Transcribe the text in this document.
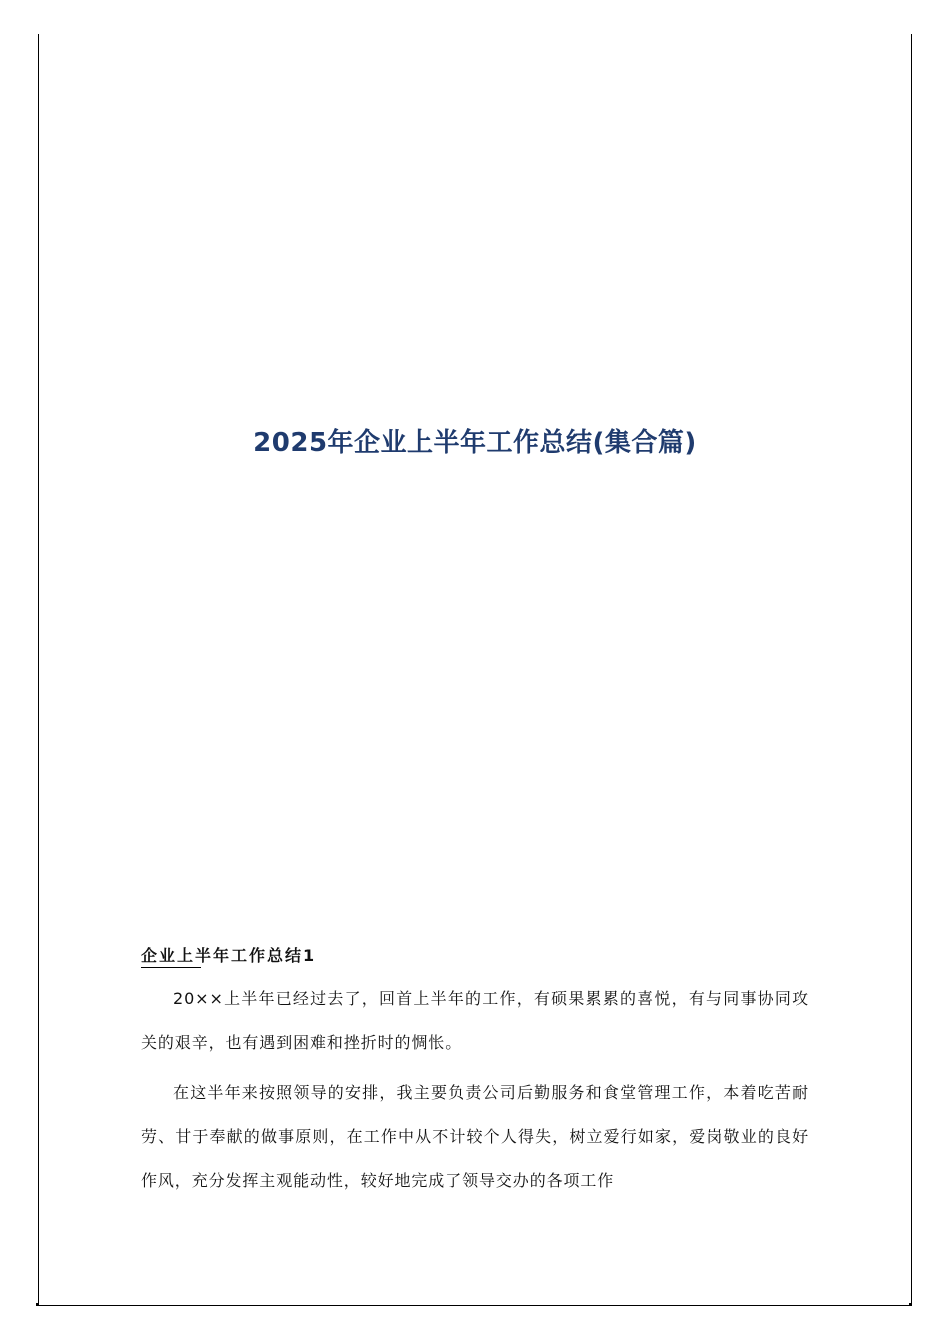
2025年企业上半年工作总结(集合篇)
企业上半年工作总结1

20××上半年已经过去了，回首上半年的工作，有硕果累累的喜悦，有与同事协同攻关的艰辛，也有遇到困难和挫折时的惆怅。

在这半年来按照领导的安排，我主要负责公司后勤服务和食堂管理工作，本着吃苦耐劳、甘于奉献的做事原则，在工作中从不计较个人得失，树立爱行如家，爱岗敬业的良好作风，充分发挥主观能动性，较好地完成了领导交办的各项工作
